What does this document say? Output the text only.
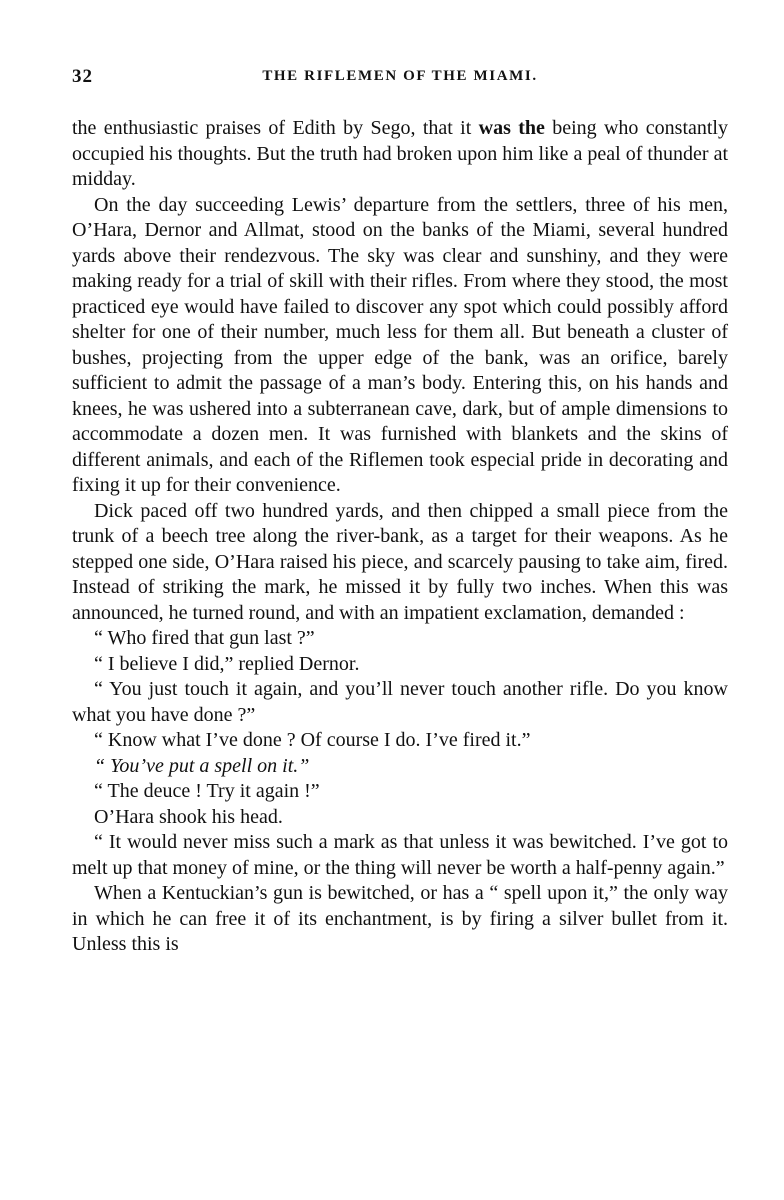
32	THE RIFLEMEN OF THE MIAMI.

the enthusiastic praises of Edith by Sego, that it was the being who constantly occupied his thoughts. But the truth had broken upon him like a peal of thunder at midday.

On the day succeeding Lewis’ departure from the settlers, three of his men, O’Hara, Dernor and Allmat, stood on the banks of the Miami, several hundred yards above their rendezvous. The sky was clear and sunshiny, and they were making ready for a trial of skill with their rifles. From where they stood, the most practiced eye would have failed to discover any spot which could possibly afford shelter for one of their number, much less for them all. But beneath a cluster of bushes, projecting from the upper edge of the bank, was an orifice, barely sufficient to admit the passage of a man’s body. Entering this, on his hands and knees, he was ushered into a subterranean cave, dark, but of ample dimensions to accommodate a dozen men. It was furnished with blankets and the skins of different animals, and each of the Riflemen took especial pride in decorating and fixing it up for their convenience.

Dick paced off two hundred yards, and then chipped a small piece from the trunk of a beech tree along the river-bank, as a target for their weapons. As he stepped one side, O’Hara raised his piece, and scarcely pausing to take aim, fired. Instead of striking the mark, he missed it by fully two inches. When this was announced, he turned round, and with an impatient exclamation, demanded :

“ Who fired that gun last ?”

“ I believe I did,” replied Dernor.

“ You just touch it again, and you’ll never touch another rifle. Do you know what you have done ?”

“ Know what I’ve done ? Of course I do. I’ve fired it.”

“ You’ve put a spell on it.”

“ The deuce ! Try it again !”

O’Hara shook his head.

“ It would never miss such a mark as that unless it was bewitched. I’ve got to melt up that money of mine, or the thing will never be worth a half-penny again.”

When a Kentuckian’s gun is bewitched, or has a “ spell upon it,” the only way in which he can free it of its enchantment, is by firing a silver bullet from it. Unless this is
